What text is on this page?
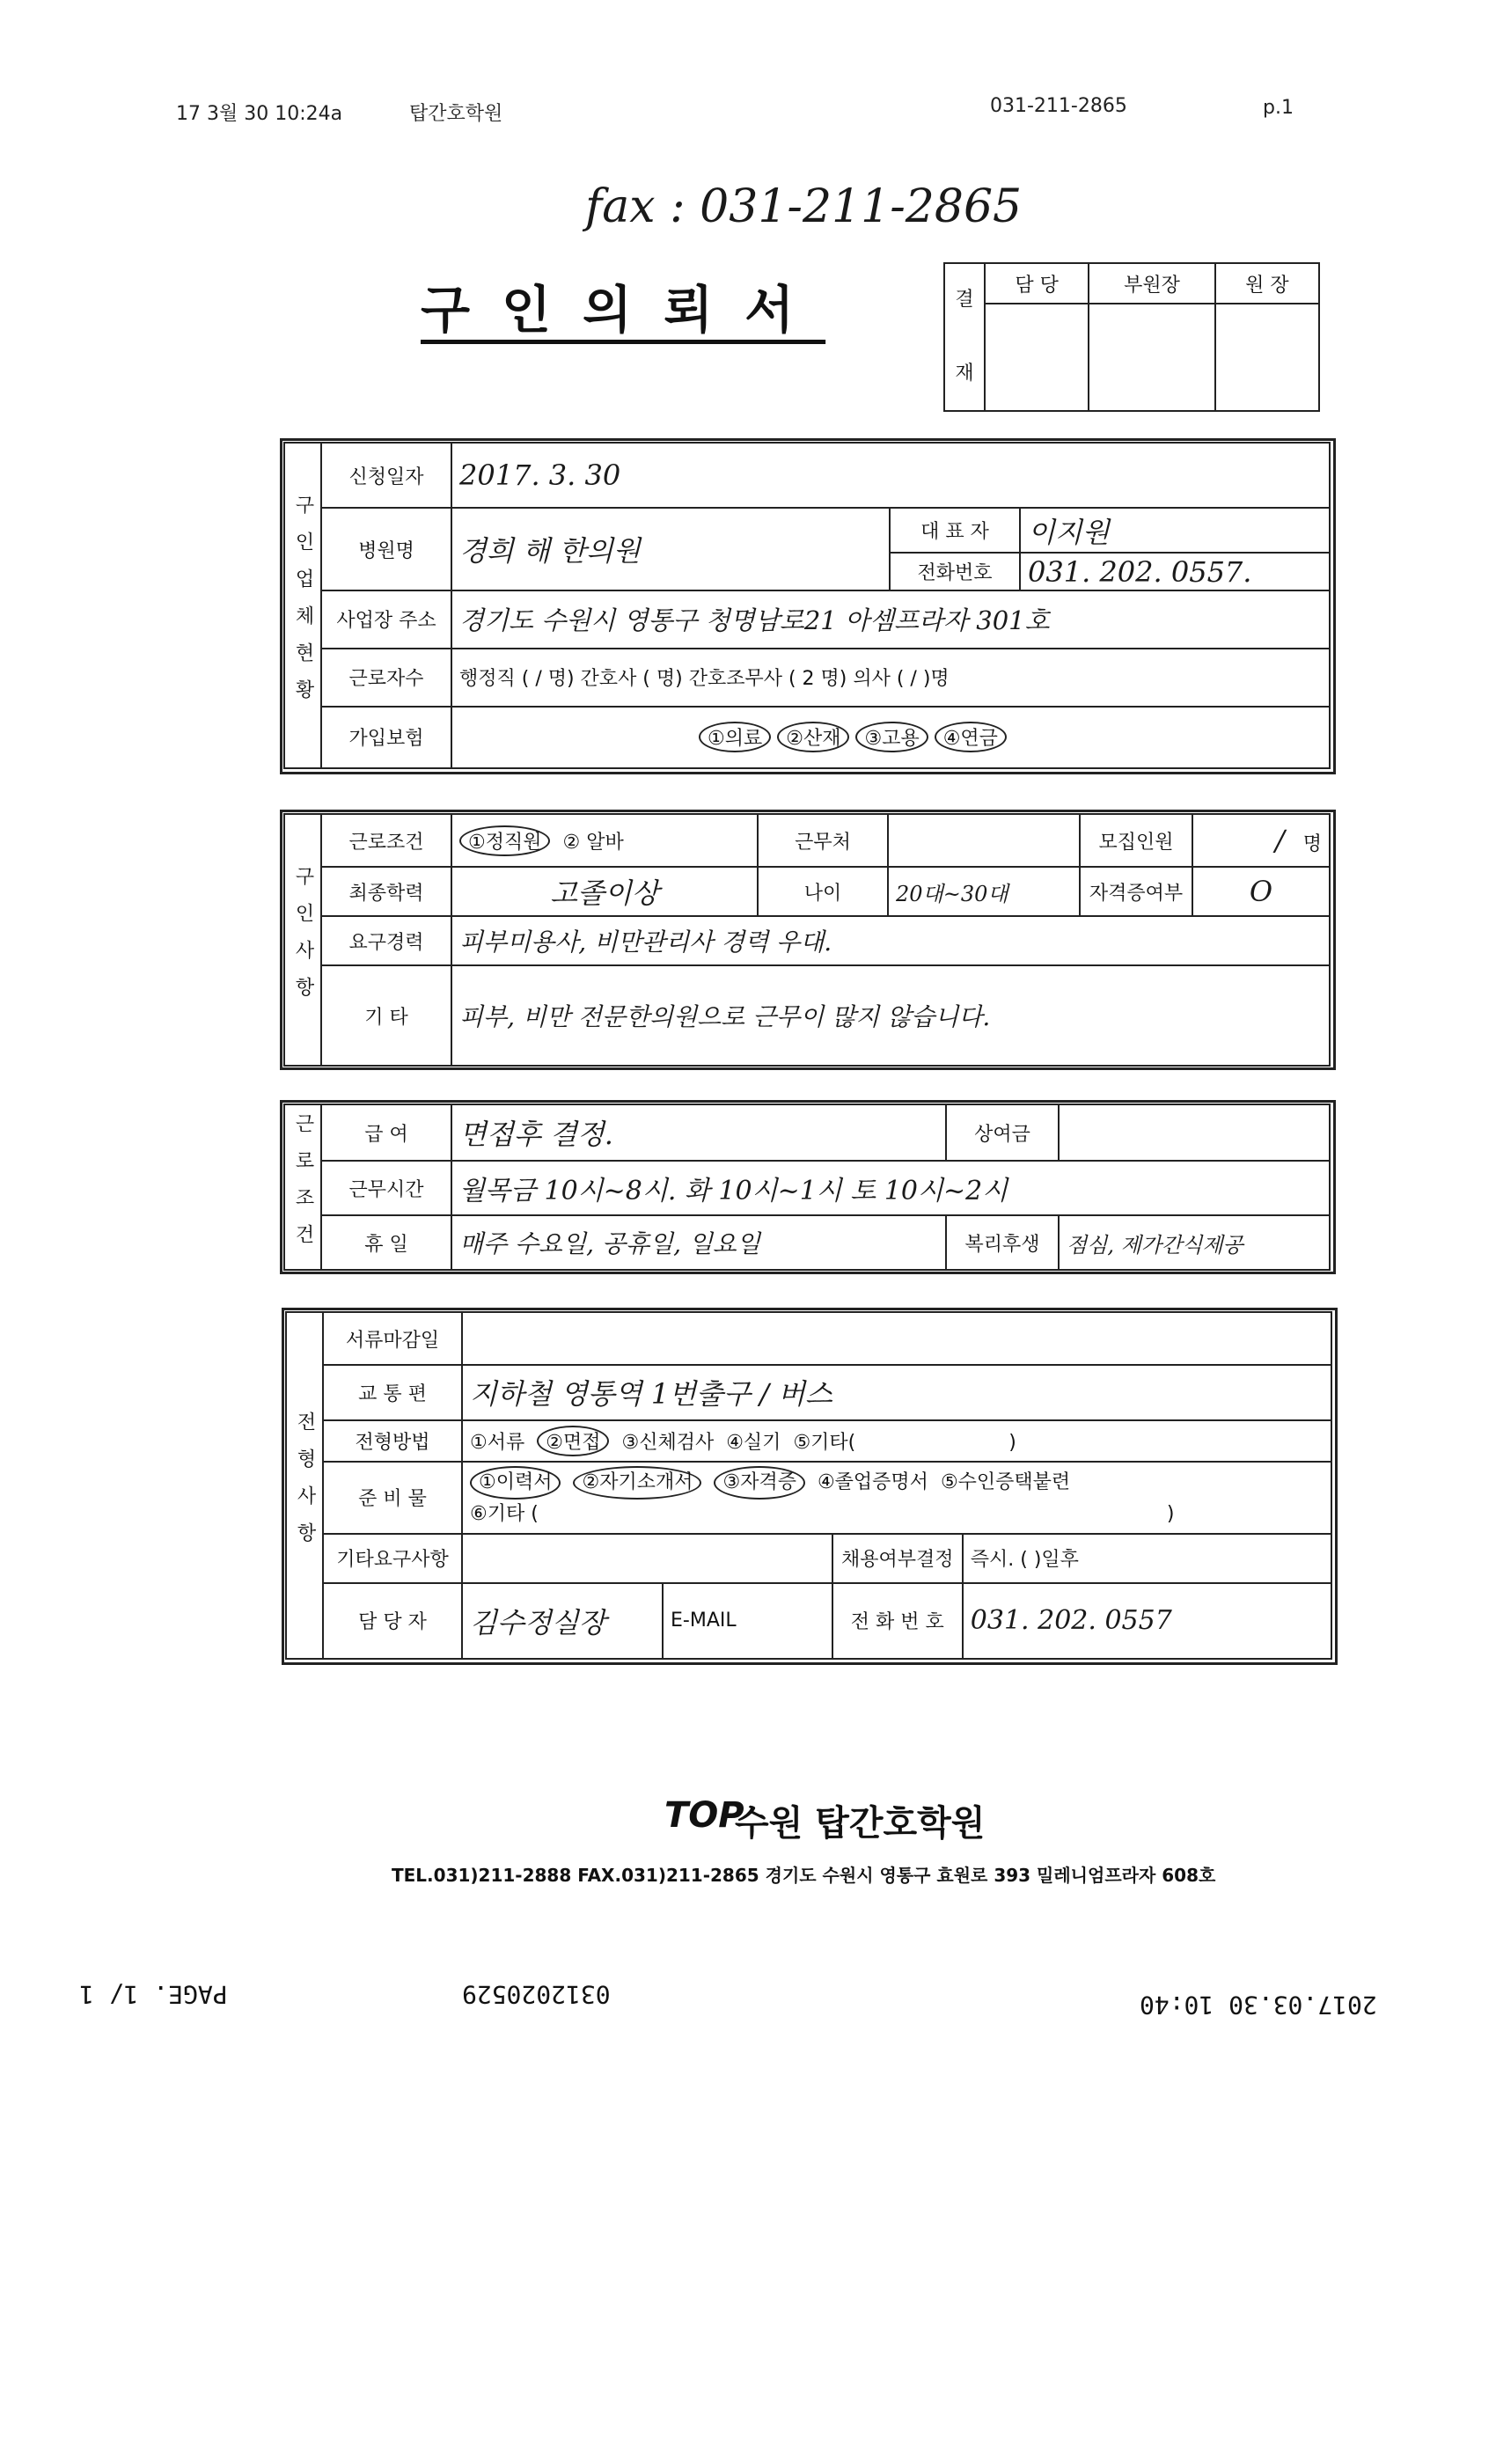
17 3월 30 10:24a	탑간호학원	031-211-2865	p.1
fax : 031-211-2865
구인의뢰서	결
재	담 당	부원장	원 장

구인업체현황	신청일자	2017. 3. 30		
	병원명	경희 해 한의원	대 표 자	이지원
			전화번호	031. 202. 0557.
	사업장 주소	경기도 수원시 영통구 청명남로21 아셈프라자 301호		
	근로자수	행정직 ( / 명) 간호사 ( 명) 간호조무사 ( 2 명) 의사 ( / )명		
	가입보험	①의료 ②산재 ③고용 ④연금		
구인사항	근로조건	①정직원 ② 알바	근무처		모집인원	/ 명
	최종학력	고졸이상	나이	20대~30대	자격증여부	O
	요구경력	피부미용사, 비만관리사 경력 우대.				
	기 타	피부, 비만 전문한의원으로 근무이 많지 않습니다.				
근로조건	급 여	면접후 결정.	상여금	
	근무시간	월목금 10시~8시. 화 10시~1시 토 10시~2시		
	휴 일	매주 수요일, 공휴일, 일요일	복리후생	점심, 제가간식제공
전형사항	서류마감일				
	교 통 편	지하철 영통역 1번출구 / 버스			
	전형방법	①서류 ②면접 ③신체검사 ④실기 ⑤기타( )			
	준 비 물	①이력서 ②자기소개서 ③자격증 ④졸업증명서 ⑤수인증택붙련
⑥기타 ( )			
	기타요구사항			채용여부결정	즉시. ( )일후
	담 당 자	김수정실장	E-MAIL	전 화 번 호	031. 202. 0557
TOP
수원 탑간호학원
TEL.031)211-2888 FAX.031)211-2865 경기도 수원시 영통구 효원로 393 밀레니엄프라자 608호
PAGE. 1/ 1	0312020529	2017.03.30 10:40
